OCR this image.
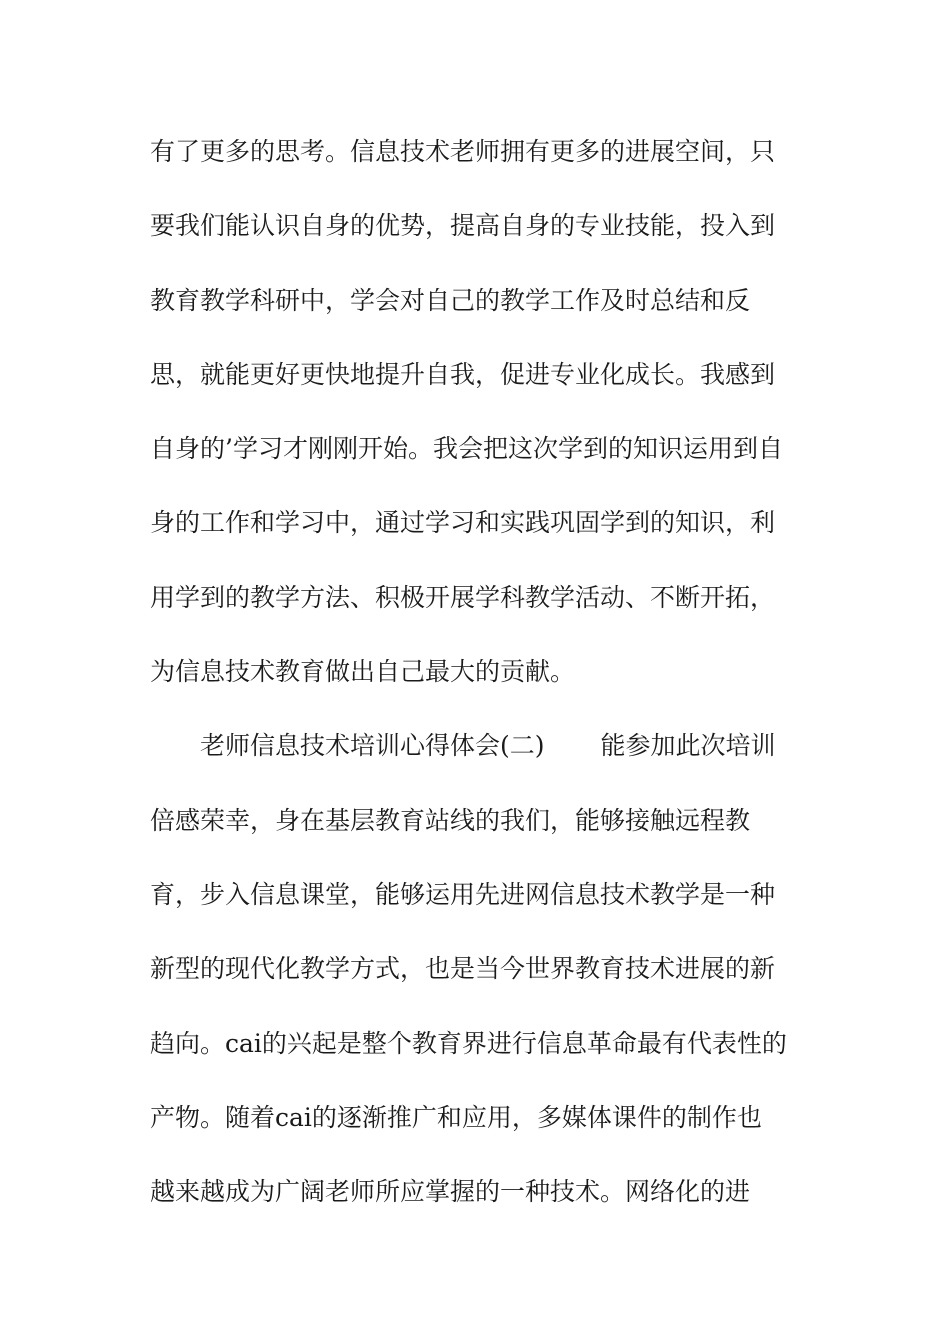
有了更多的思考。信息技术老师拥有更多的进展空间，只
要我们能认识自身的优势，提高自身的专业技能，投入到
教育教学科研中，学会对自己的教学工作及时总结和反
思，就能更好更快地提升自我，促进专业化成长。我感到
自身的’学习才刚刚开始。我会把这次学到的知识运用到自
身的工作和学习中，通过学习和实践巩固学到的知识，利
用学到的教学方法、积极开展学科教学活动、不断开拓，
为信息技术教育做出自己最大的贡献。
老师信息技术培训心得体会(二) 能参加此次培训
倍感荣幸，身在基层教育站线的我们，能够接触远程教
育，步入信息课堂，能够运用先进网信息技术教学是一种
新型的现代化教学方式，也是当今世界教育技术进展的新
趋向。cai的兴起是整个教育界进行信息革命最有代表性的
产物。随着cai的逐渐推广和应用，多媒体课件的制作也
越来越成为广阔老师所应掌握的一种技术。网络化的进
